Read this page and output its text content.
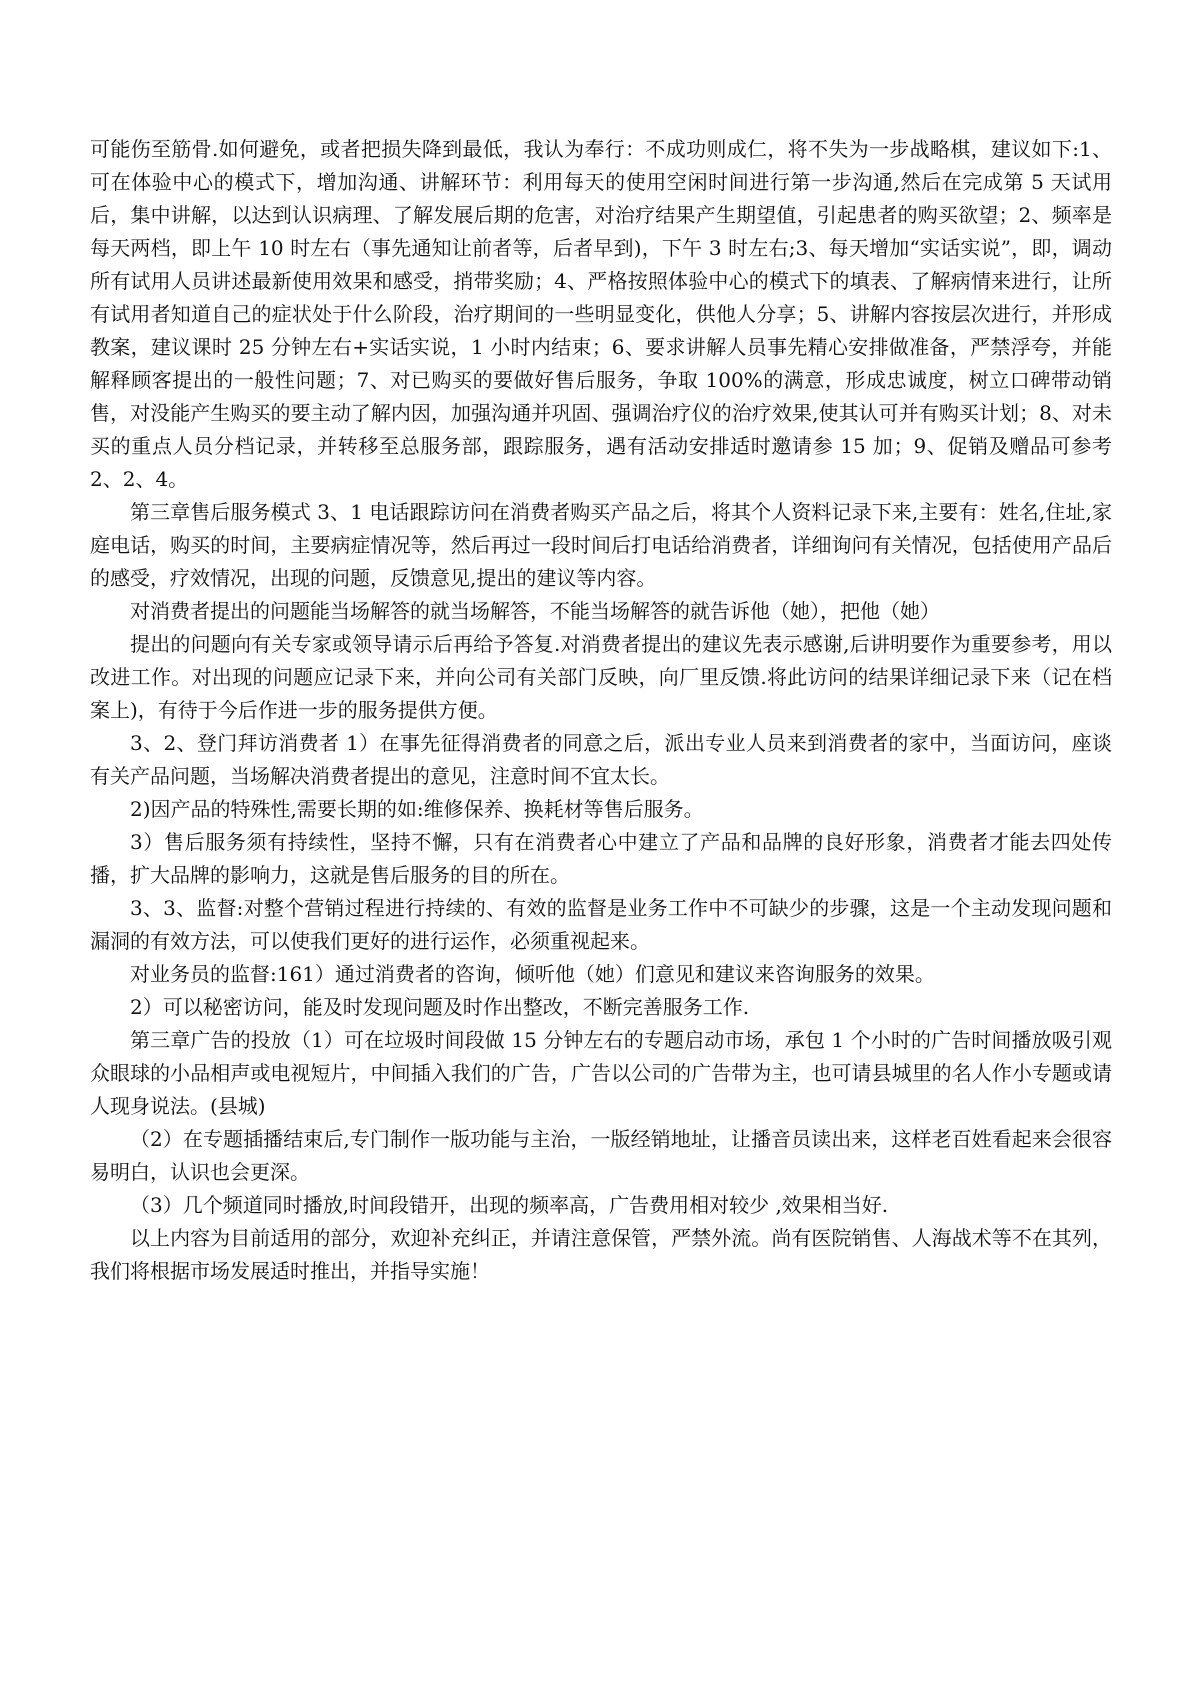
可能伤至筋骨.如何避免，或者把损失降到最低，我认为奉行：不成功则成仁，将不失为一步战略棋，建议如下:1、可在体验中心的模式下，增加沟通、讲解环节：利用每天的使用空闲时间进行第一步沟通,然后在完成第 5 天试用后，集中讲解，以达到认识病理、了解发展后期的危害，对治疗结果产生期望值，引起患者的购买欲望；2、频率是每天两档，即上午 10 时左右（事先通知让前者等，后者早到)，下午 3 时左右;3、每天增加“实话实说”，即，调动所有试用人员讲述最新使用效果和感受，捎带奖励；4、严格按照体验中心的模式下的填表、了解病情来进行，让所有试用者知道自己的症状处于什么阶段，治疗期间的一些明显变化，供他人分享；5、讲解内容按层次进行，并形成教案，建议课时 25 分钟左右+实话实说，1 小时内结束；6、要求讲解人员事先精心安排做准备，严禁浮夸，并能解释顾客提出的一般性问题；7、对已购买的要做好售后服务，争取 100%的满意，形成忠诚度，树立口碑带动销售，对没能产生购买的要主动了解内因，加强沟通并巩固、强调治疗仪的治疗效果,使其认可并有购买计划；8、对未买的重点人员分档记录，并转移至总服务部，跟踪服务，遇有活动安排适时邀请参 15 加；9、促销及赠品可参考 2、2、4。

第三章售后服务模式 3、1 电话跟踪访问在消费者购买产品之后，将其个人资料记录下来,主要有：姓名,住址,家庭电话，购买的时间，主要病症情况等，然后再过一段时间后打电话给消费者，详细询问有关情况，包括使用产品后的感受，疗效情况，出现的问题，反馈意见,提出的建议等内容。

对消费者提出的问题能当场解答的就当场解答，不能当场解答的就告诉他（她），把他（她）

提出的问题向有关专家或领导请示后再给予答复.对消费者提出的建议先表示感谢,后讲明要作为重要参考，用以改进工作。对出现的问题应记录下来，并向公司有关部门反映，向厂里反馈.将此访问的结果详细记录下来（记在档案上)，有待于今后作进一步的服务提供方便。

3、2、登门拜访消费者 1）在事先征得消费者的同意之后，派出专业人员来到消费者的家中，当面访问，座谈有关产品问题，当场解决消费者提出的意见，注意时间不宜太长。

2)因产品的特殊性,需要长期的如:维修保养、换耗材等售后服务。

3）售后服务须有持续性，坚持不懈，只有在消费者心中建立了产品和品牌的良好形象，消费者才能去四处传播，扩大品牌的影响力，这就是售后服务的目的所在。

3、3、监督:对整个营销过程进行持续的、有效的监督是业务工作中不可缺少的步骤，这是一个主动发现问题和漏洞的有效方法，可以使我们更好的进行运作，必须重视起来。

对业务员的监督:161）通过消费者的咨询，倾听他（她）们意见和建议来咨询服务的效果。

2）可以秘密访问，能及时发现问题及时作出整改，不断完善服务工作.

第三章广告的投放（1）可在垃圾时间段做 15 分钟左右的专题启动市场，承包 1 个小时的广告时间播放吸引观众眼球的小品相声或电视短片，中间插入我们的广告，广告以公司的广告带为主，也可请县城里的名人作小专题或请人现身说法。(县城)

（2）在专题插播结束后,专门制作一版功能与主治，一版经销地址，让播音员读出来，这样老百姓看起来会很容易明白，认识也会更深。

（3）几个频道同时播放,时间段错开，出现的频率高，广告费用相对较少 ,效果相当好.

以上内容为目前适用的部分，欢迎补充纠正，并请注意保管，严禁外流。尚有医院销售、人海战术等不在其列，我们将根据市场发展适时推出，并指导实施！
